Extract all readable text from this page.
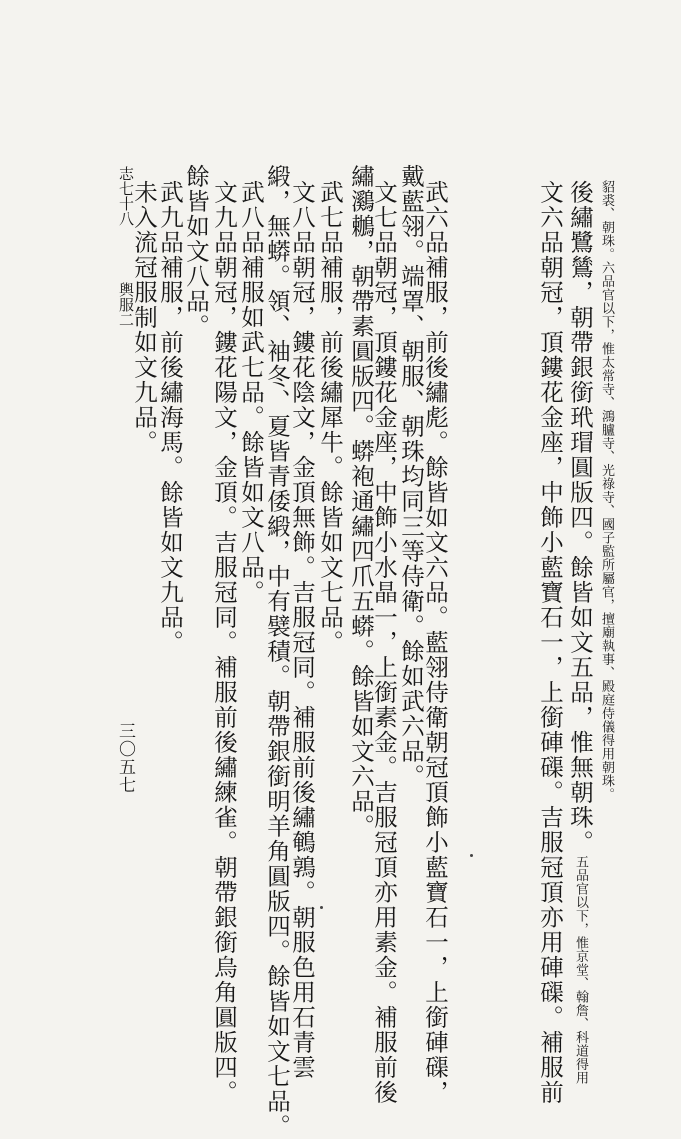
文六品朝冠，頂鏤花金座，中飾小藍寶石一，上銜硨磲。吉服冠頂亦用硨磲。補服前 後繡鷺鷥，朝帶銀銜玳瑁圓版四。餘皆如文五品，惟無朝珠。五品官以下，惟京堂、翰詹、科道得用
貂裘、朝珠。六品官以下，惟太常寺、鴻臚寺、光祿寺、國子監所屬官，擅廟執事、殿庭侍儀得用朝珠。
武六品補服，前後繡彪。餘皆如文六品。藍翎侍衛朝冠頂飾小藍寶石一，上銜硨磲，
戴藍翎。端罩、朝服、朝珠均同三等侍衛。餘如武六品。
文七品朝冠，頂鏤花金座，中飾小水晶一，上銜素金。吉服冠頂亦用素金。補服前後
繡鸂鶒，朝帶素圓版四。蟒袍通繡四爪五蟒。餘皆如文六品。
武七品補服，前後繡犀牛。餘皆如文七品。
文八品朝冠，鏤花陰文，金頂無飾。吉服冠同。補服前後繡鵪鶉。朝服色用石青雲
緞，無蟒。領、袖冬、夏皆青倭緞，中有襞積。朝帶銀銜明羊角圓版四。餘皆如文七品。
武八品補服如武七品。餘皆如文八品。
文九品朝冠，鏤花陽文，金頂。吉服冠同。補服前後繡練雀。朝帶銀銜烏角圓版四。
餘皆如文八品。
武九品補服，前後繡海馬。餘皆如文九品。
未入流冠服制如文九品。
志七十八
輿服二
三〇五七
